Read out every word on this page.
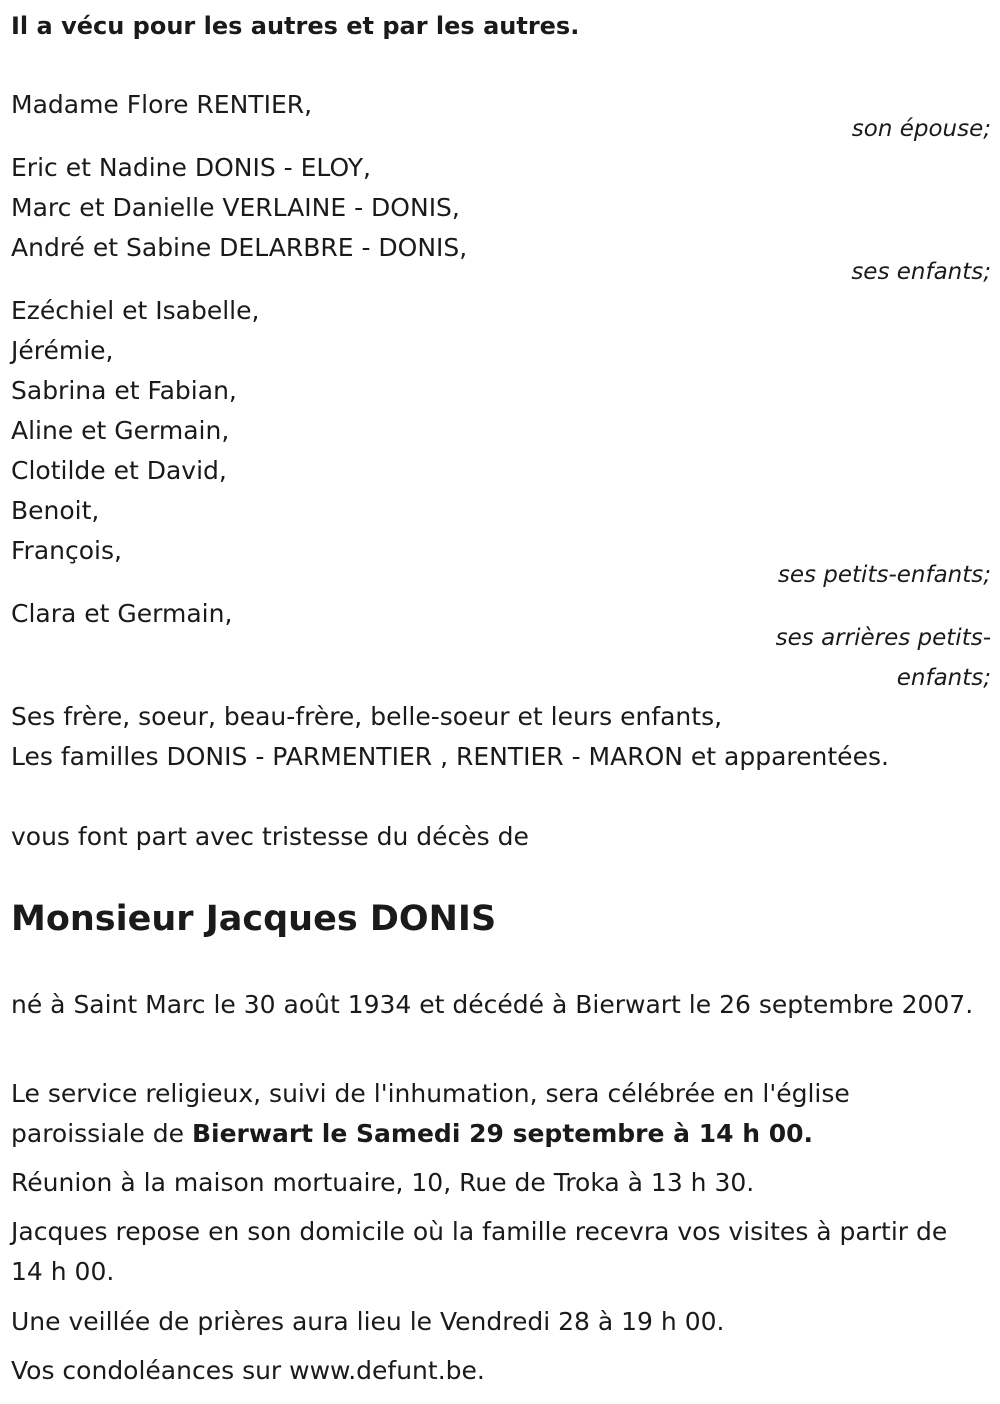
Il a vécu pour les autres et par les autres.
Madame Flore RENTIER,
son épouse;
Eric et Nadine DONIS - ELOY,
Marc et Danielle VERLAINE - DONIS,
André et Sabine DELARBRE - DONIS,
ses enfants;
Ezéchiel et Isabelle,
Jérémie,
Sabrina et Fabian,
Aline et Germain,
Clotilde et David,
Benoit,
François,
ses petits-enfants;
Clara et Germain,
ses arrières petits-
enfants;
Ses frère, soeur, beau-frère, belle-soeur et leurs enfants,
Les familles DONIS - PARMENTIER , RENTIER - MARON et apparentées.
vous font part avec tristesse du décès de
Monsieur Jacques DONIS
né à Saint Marc le 30 août 1934 et décédé à Bierwart le 26 septembre 2007.
Le service religieux, suivi de l'inhumation, sera célébrée en l'église paroissiale de Bierwart le Samedi 29 septembre à 14 h 00.
Réunion à la maison mortuaire, 10, Rue de Troka à 13 h 30.
Jacques repose en son domicile où la famille recevra vos visites à partir de 14 h 00.
Une veillée de prières aura lieu le Vendredi 28 à 19 h 00.
Vos condoléances sur www.defunt.be.
